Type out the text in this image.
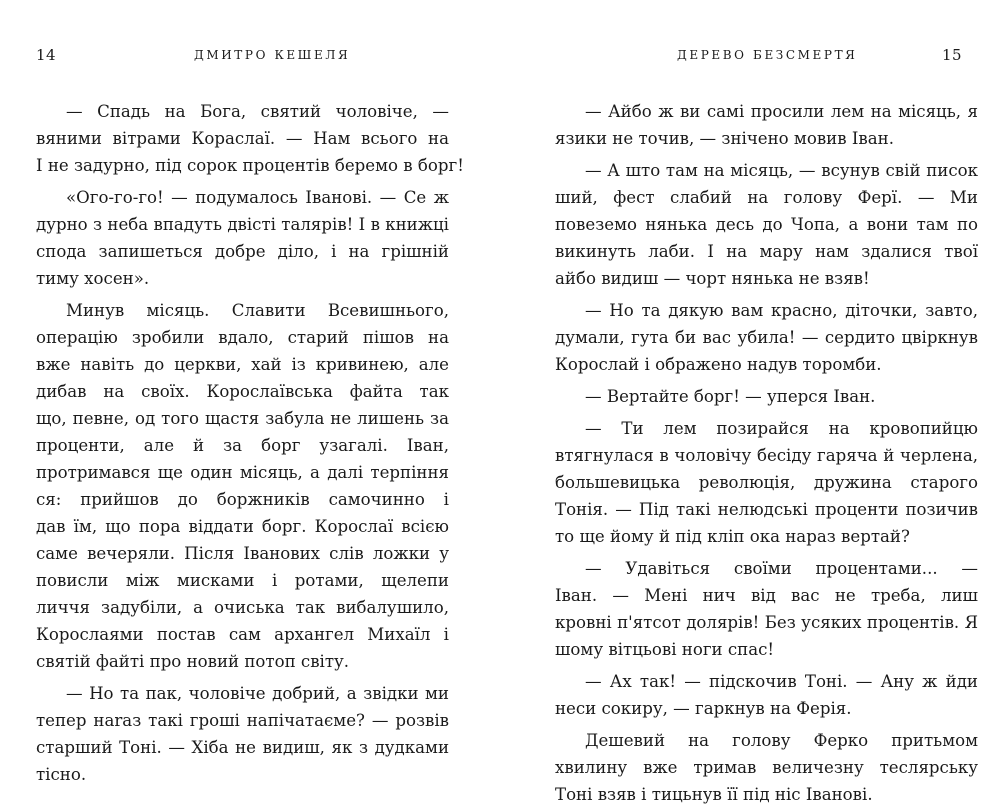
14	ДМИТРО КЕШЕЛЯ
— Спадь на Бога, святий чоловіче, —
вяними вітрами Кораслаї. — Нам всього на
І не задурно, під сорок процентів беремо в борг!
«Ого-го-го! — подумалось Іванові. — Се ж
дурно з неба впадуть двісті талярів! І в книжці
спода запишеться добре діло, і на грішній
тиму хосен».
Минув місяць. Славити Всевишнього,
операцію зробили вдало, старий пішов на
вже навіть до церкви, хай із кривинею, але
дибав на своїх. Корослаївська файта так
що, певне, од того щастя забула не лишень за
проценти, але й за борг узагалі. Іван,
протримався ще один місяць, а далі терпіння
ся: прийшов до боржників самочинно і
дав їм, що пора віддати борг. Корослаї всією
саме вечеряли. Після Іванових слів ложки у
повисли між мисками і ротами, щелепи
личчя задубіли, а очиська так вибалушило,
Корослаями постав сам архангел Михаїл і
святій файті про новий потоп світу.
— Но та пак, чоловіче добрий, а звідки ми
тепер наraз такі гроші напічатаєме? — розвів
старший Тоні. — Хіба не видиш, як з дудками
тісно.
ДЕРЕВО БЕЗСМЕРТЯ	15
— Айбо ж ви самі просили лем на місяць, я
язики не точив, — знічено мовив Іван.
— А што там на місяць, — всунув свій писок
ший, фест слабий на голову Ферї. — Ми
повеземо нянька десь до Чопа, а вони там по
викинуть лаби. І на мару нам здалися твої
айбо видиш — чорт нянька не взяв!
— Но та дякую вам красно, діточки, завто,
думали, гута би вас убила! — сердито цвіркнув
Корослай і ображено надув торомби.
— Вертайте борг! — уперся Іван.
— Ти лем позирайся на кровопийцю
втягнулася в чоловічу бесіду гаряча й черлена,
большевицька революція, дружина старого
Тонія. — Під такі нелюдські проценти позичив
то ще йому й під кліп ока нараз вертай?
— Удавіться своїми процентами... —
Іван. — Мені нич від вас не треба, лиш
кровні п'ятсот долярів! Без усяких процентів. Я
шому вітцьові ноги спас!
— Ах так! — підскочив Тоні. — Ану ж йди
неси сокиру, — гаркнув на Ферія.
Дешевий на голову Ферко притьмом
хвилину вже тримав величезну теслярську
Тоні взяв і тицьнув її під ніс Іванові.
